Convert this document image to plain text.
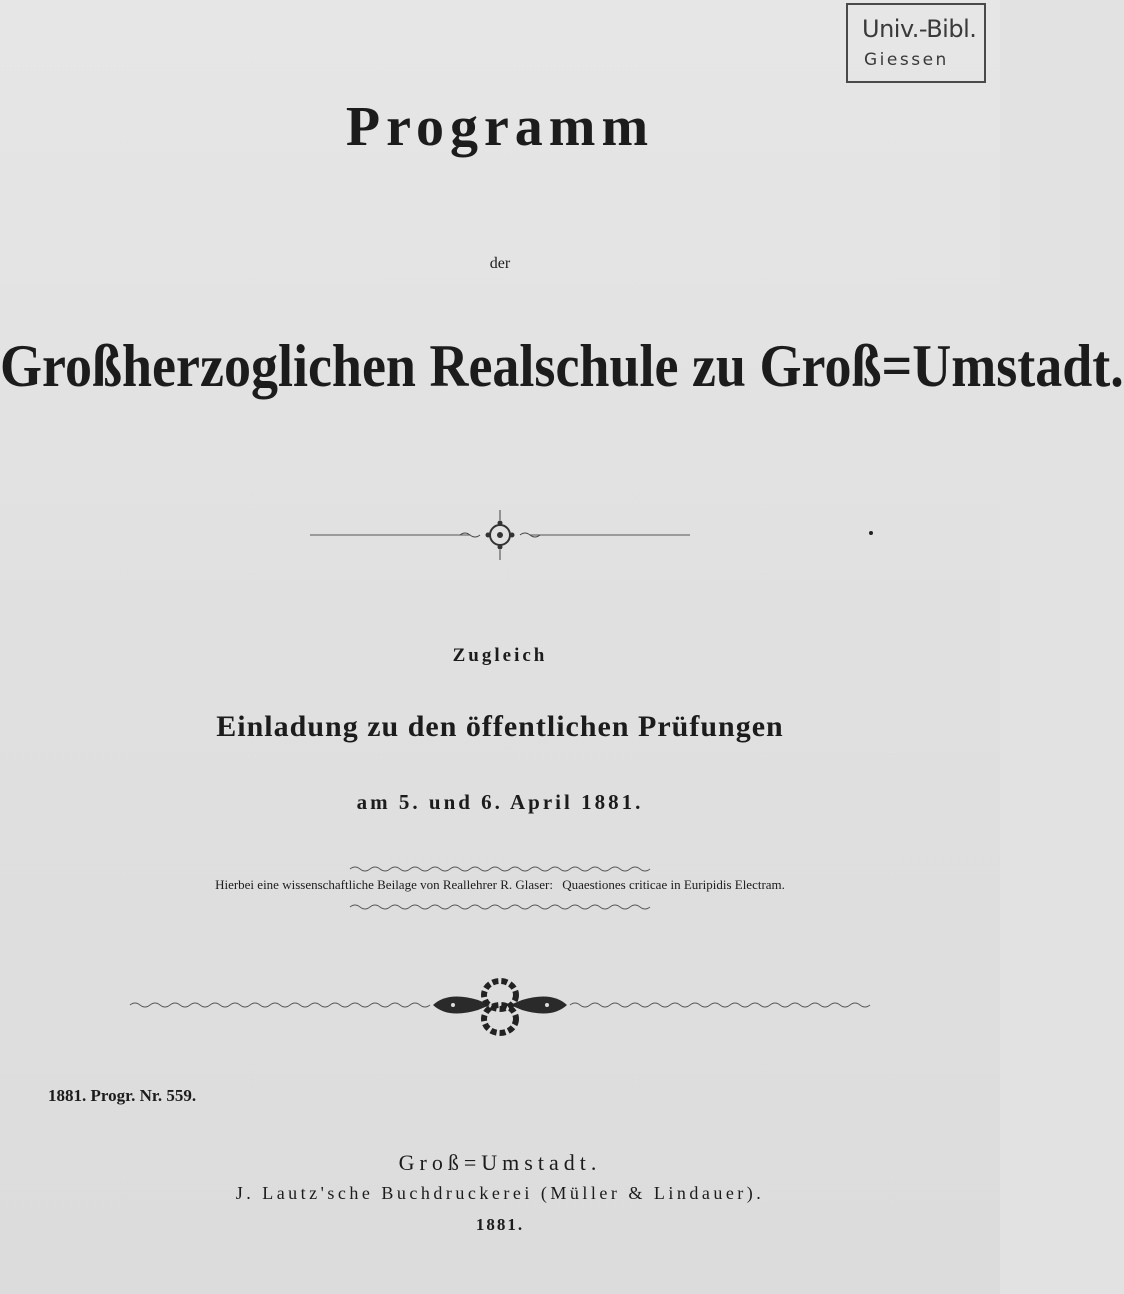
Univ.-Bibl.
Giessen
Programm
der
Großherzoglichen Realschule zu Groß=Umstadt.
Zugleich
Einladung zu den öffentlichen Prüfungen
am 5. und 6. April 1881.
Hierbei eine wissenschaftliche Beilage von Reallehrer R. Glaser: Quaestiones criticae in Euripidis Electram.
1881. Progr. Nr. 559.
Groß=Umstadt.
J. Lautz'sche Buchdruckerei (Müller & Lindauer).
1881.
